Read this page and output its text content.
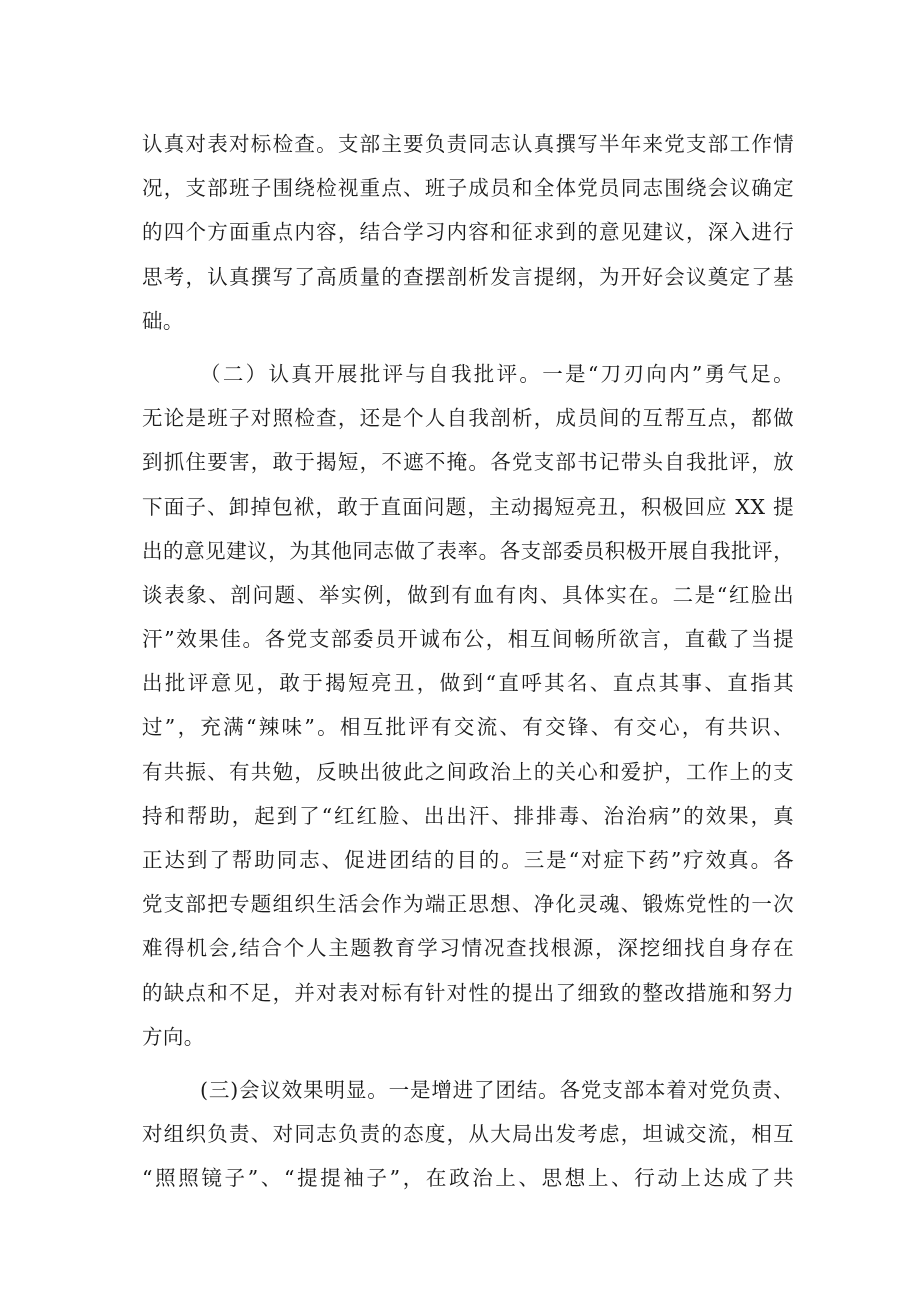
认真对表对标检查。支部主要负责同志认真撰写半年来党支部工作情
况，支部班子围绕检视重点、班子成员和全体党员同志围绕会议确定
的四个方面重点内容，结合学习内容和征求到的意见建议，深入进行
思考，认真撰写了高质量的查摆剖析发言提纲，为开好会议奠定了基
础。
（二）认真开展批评与自我批评。一是“刀刃向内”勇气足。
无论是班子对照检查，还是个人自我剖析，成员间的互帮互点，都做
到抓住要害，敢于揭短，不遮不掩。各党支部书记带头自我批评，放
下面子、卸掉包袱，敢于直面问题，主动揭短亮丑，积极回应 XX 提
出的意见建议，为其他同志做了表率。各支部委员积极开展自我批评，
谈表象、剖问题、举实例，做到有血有肉、具体实在。二是“红脸出
汗”效果佳。各党支部委员开诚布公，相互间畅所欲言，直截了当提
出批评意见，敢于揭短亮丑，做到“直呼其名、直点其事、直指其
过”，充满“辣味”。相互批评有交流、有交锋、有交心，有共识、
有共振、有共勉，反映出彼此之间政治上的关心和爱护，工作上的支
持和帮助，起到了“红红脸、出出汗、排排毒、治治病”的效果，真
正达到了帮助同志、促进团结的目的。三是“对症下药”疗效真。各
党支部把专题组织生活会作为端正思想、净化灵魂、锻炼党性的一次
难得机会,结合个人主题教育学习情况查找根源，深挖细找自身存在
的缺点和不足，并对表对标有针对性的提出了细致的整改措施和努力
方向。
(三)会议效果明显。一是增进了团结。各党支部本着对党负责、
对组织负责、对同志负责的态度，从大局出发考虑，坦诚交流，相互
“照照镜子”、“提提袖子”，在政治上、思想上、行动上达成了共
